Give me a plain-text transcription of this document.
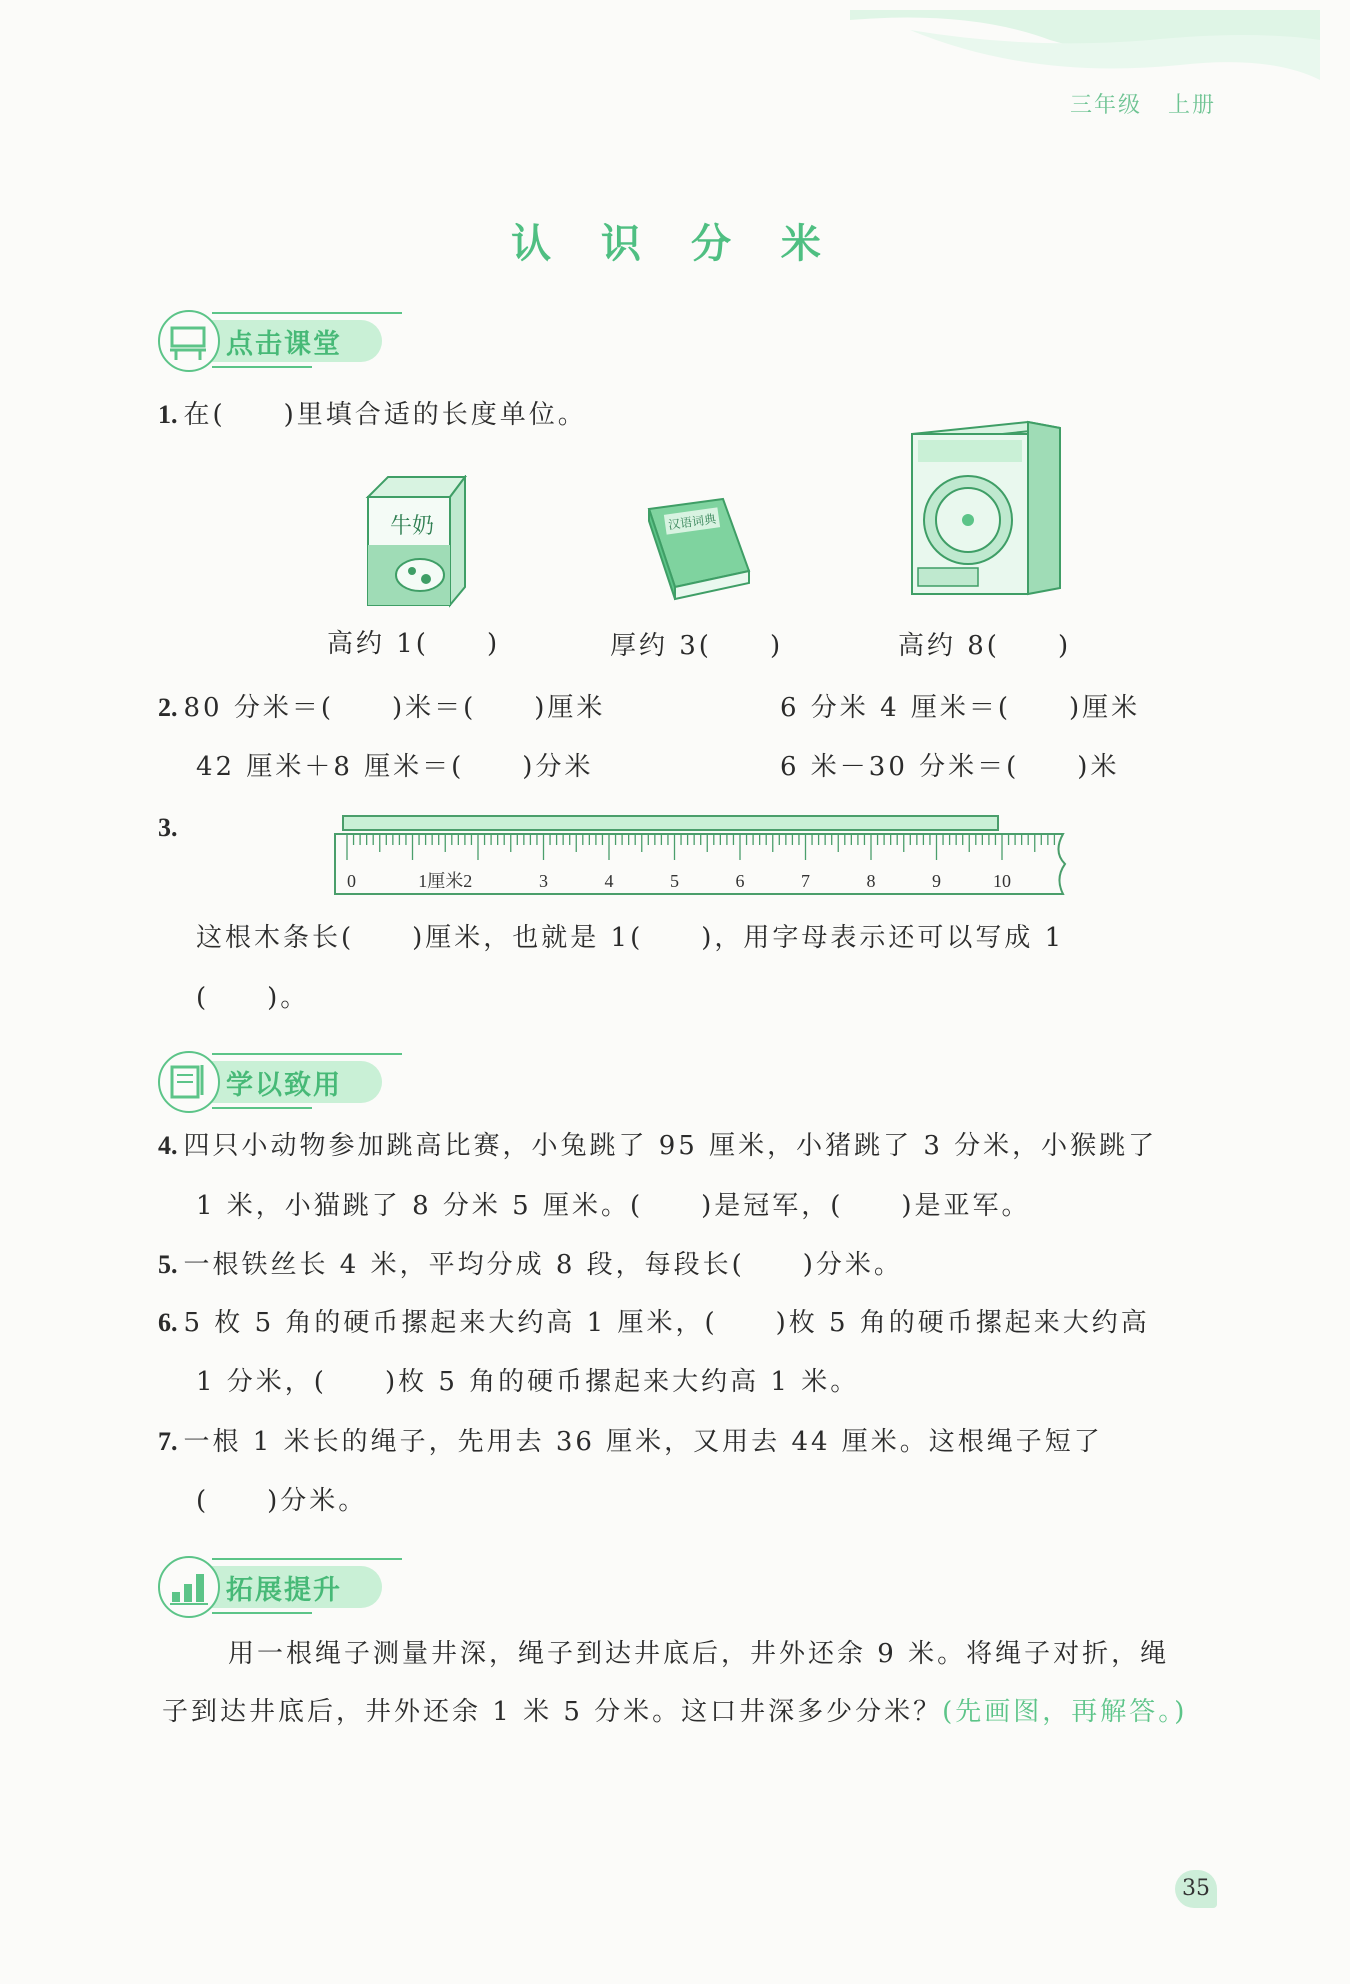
三年级 上册
认 识 分 米
点击课堂
1. 在(　　)里填合适的长度单位。
牛奶	汉语词典
高约 1(　　)	厚约 3(　　)	高约 8(　　)
2. 80 分米＝(　　)米＝(　　)厘米	6 分米 4 厘米＝(　　)厘米
42 厘米＋8 厘米＝(　　)分米	6 米－30 分米＝(　　)米
3.
0	1厘米2	3	4	5	6	7	8	9	10
这根木条长(　　)厘米，也就是 1(　　)，用字母表示还可以写成 1
(　　)。
学以致用
4. 四只小动物参加跳高比赛，小兔跳了 95 厘米，小猪跳了 3 分米，小猴跳了
1 米，小猫跳了 8 分米 5 厘米。(　　)是冠军，(　　)是亚军。
5. 一根铁丝长 4 米，平均分成 8 段，每段长(　　)分米。
6. 5 枚 5 角的硬币摞起来大约高 1 厘米，(　　)枚 5 角的硬币摞起来大约高
1 分米，(　　)枚 5 角的硬币摞起来大约高 1 米。
7. 一根 1 米长的绳子，先用去 36 厘米，又用去 44 厘米。这根绳子短了
(　　)分米。
拓展提升
用一根绳子测量井深，绳子到达井底后，井外还余 9 米。将绳子对折，绳
子到达井底后，井外还余 1 米 5 分米。这口井深多少分米？(先画图，再解答。)
35
